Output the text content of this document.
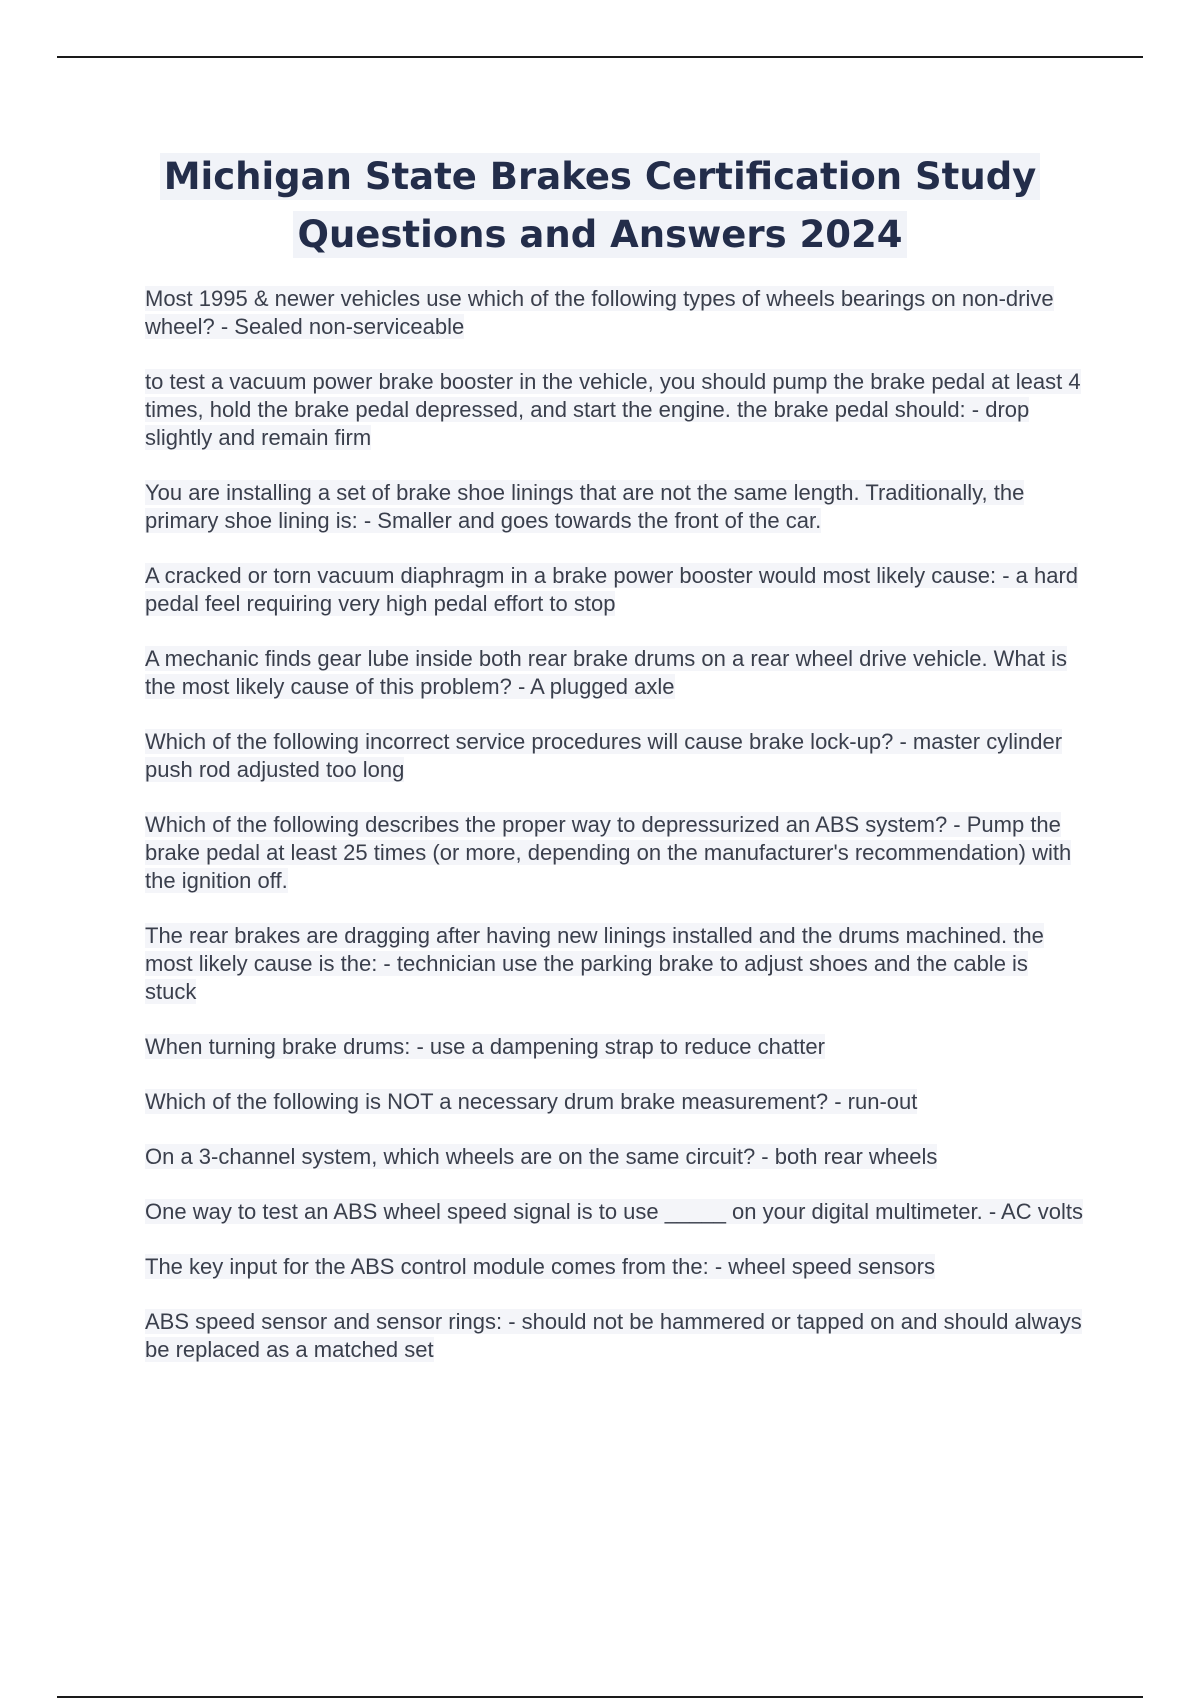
Michigan State Brakes Certification Study Questions and Answers 2024
Most 1995 & newer vehicles use which of the following types of wheels bearings on non-drive wheel? - Sealed non-serviceable
to test a vacuum power brake booster in the vehicle, you should pump the brake pedal at least 4 times, hold the brake pedal depressed, and start the engine. the brake pedal should: - drop slightly and remain firm
You are installing a set of brake shoe linings that are not the same length. Traditionally, the primary shoe lining is: - Smaller and goes towards the front of the car.
A cracked or torn vacuum diaphragm in a brake power booster would most likely cause: - a hard pedal feel requiring very high pedal effort to stop
A mechanic finds gear lube inside both rear brake drums on a rear wheel drive vehicle. What is the most likely cause of this problem? - A plugged axle
Which of the following incorrect service procedures will cause brake lock-up? - master cylinder push rod adjusted too long
Which of the following describes the proper way to depressurized an ABS system? - Pump the brake pedal at least 25 times (or more, depending on the manufacturer's recommendation) with the ignition off.
The rear brakes are dragging after having new linings installed and the drums machined. the most likely cause is the: - technician use the parking brake to adjust shoes and the cable is stuck
When turning brake drums: - use a dampening strap to reduce chatter
Which of the following is NOT a necessary drum brake measurement? - run-out
On a 3-channel system, which wheels are on the same circuit? - both rear wheels
One way to test an ABS wheel speed signal is to use _____ on your digital multimeter. - AC volts
The key input for the ABS control module comes from the: - wheel speed sensors
ABS speed sensor and sensor rings: - should not be hammered or tapped on and should always be replaced as a matched set
